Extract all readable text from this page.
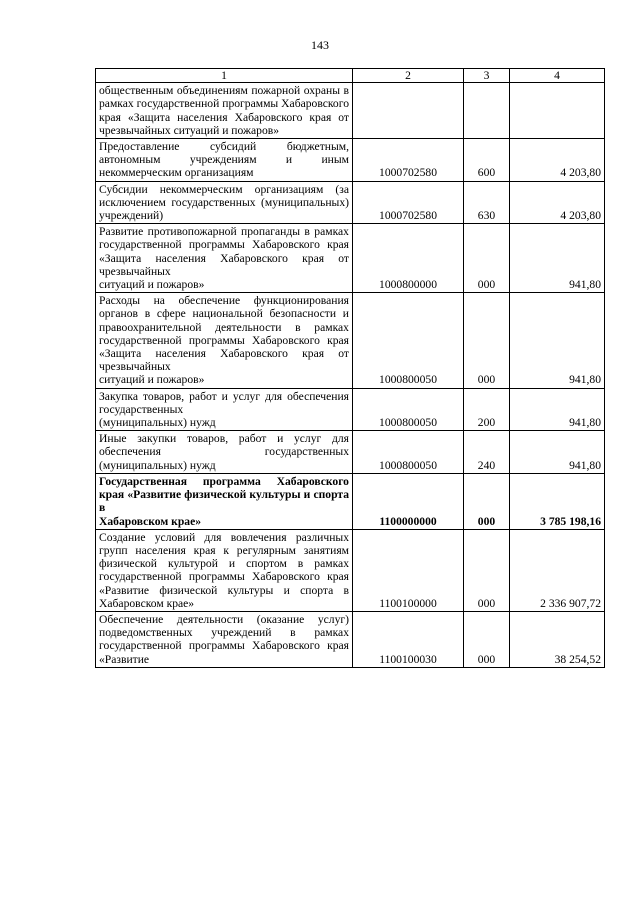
143
1	2	3	4
общественным объединениям пожарной охраны в рамках государственной программы Хабаровского края «Защита населения Хабаровского края от
чрезвычайных ситуаций и пожаров»			

Предоставление субсидий бюджетным, автономным учреждениям и иным
некоммерческим организациям	1000702580	600	4 203,80
Субсидии некоммерческим организациям (за исключением государственных (муниципальных)
учреждений)	1000702580	630	4 203,80
Развитие противопожарной пропаганды в рамках государственной программы Хабаровского края «Защита населения Хабаровского края от чрезвычайных
ситуаций и пожаров»	1000800000	000	941,80
Расходы на обеспечение функционирования органов в сфере национальной безопасности и правоохранительной деятельности в рамках государственной программы Хабаровского края «Защита населения Хабаровского края от чрезвычайных
ситуаций и пожаров»	1000800050	000	941,80
Закупка товаров, работ и услуг для обеспечения государственных
(муниципальных) нужд	1000800050	200	941,80
Иные закупки товаров, работ и услуг для обеспечения государственных
(муниципальных) нужд	1000800050	240	941,80
Государственная программа Хабаровского края «Развитие физической культуры и спорта в
Хабаровском крае»	1100000000	000	3 785 198,16
Создание условий для вовлечения различных групп населения края к регулярным занятиям физической культурой и спортом в рамках государственной программы Хабаровского края «Развитие физической культуры и спорта в
Хабаровском крае»	1100100000	000	2 336 907,72
Обеспечение деятельности (оказание услуг) подведомственных учреждений в рамках государственной программы Хабаровского края «Развитие	1100100030	000	38 254,52
